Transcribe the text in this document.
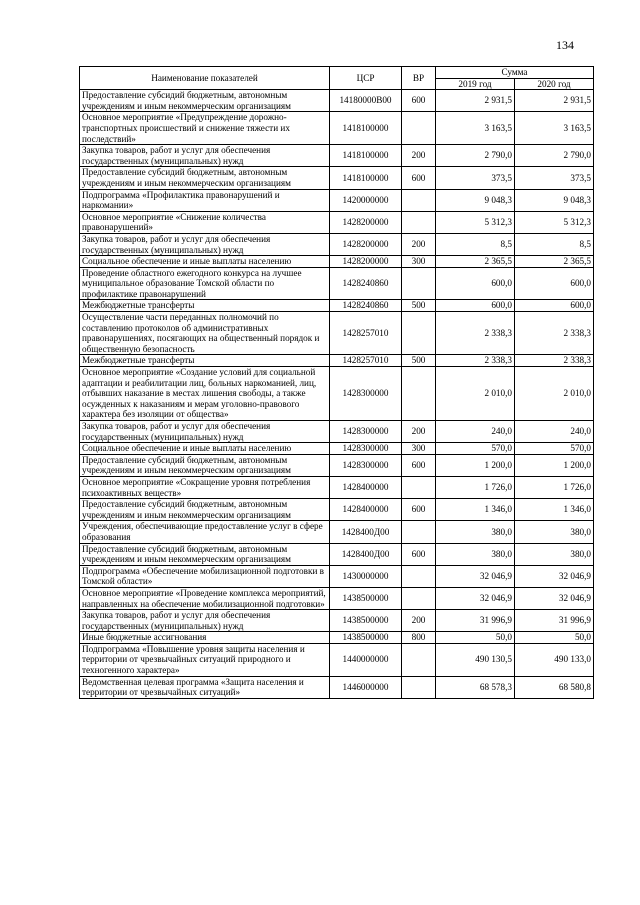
134
Наименование показателей	ЦСР	ВР	Сумма	
			2019 год	2020 год
Предоставление субсидий бюджетным, автономным учреждениям и иным некоммерческим организациям	14180000В00	600	2 931,5	2 931,5
Основное мероприятие «Предупреждение дорожно-транспортных происшествий и снижение тяжести их последствий»	1418100000		3 163,5	3 163,5
Закупка товаров, работ и услуг для обеспечения государственных (муниципальных) нужд	1418100000	200	2 790,0	2 790,0
Предоставление субсидий бюджетным, автономным учреждениям и иным некоммерческим организациям	1418100000	600	373,5	373,5
Подпрограмма «Профилактика правонарушений и наркомании»	1420000000		9 048,3	9 048,3
Основное мероприятие «Снижение количества правонарушений»	1428200000		5 312,3	5 312,3
Закупка товаров, работ и услуг для обеспечения государственных (муниципальных) нужд	1428200000	200	8,5	8,5
Социальное обеспечение и иные выплаты населению	1428200000	300	2 365,5	2 365,5
Проведение областного ежегодного конкурса на лучшее муниципальное образование Томской области по профилактике правонарушений	1428240860		600,0	600,0
Межбюджетные трансферты	1428240860	500	600,0	600,0
Осуществление части переданных полномочий по составлению протоколов об административных правонарушениях, посягающих на общественный порядок и общественную безопасность	1428257010		2 338,3	2 338,3
Межбюджетные трансферты	1428257010	500	2 338,3	2 338,3
Основное мероприятие «Создание условий для социальной адаптации и реабилитации лиц, больных наркоманией, лиц, отбывших наказание в местах лишения свободы, а также осужденных к наказаниям и мерам уголовно-правового характера без изоляции от общества»	1428300000		2 010,0	2 010,0
Закупка товаров, работ и услуг для обеспечения государственных (муниципальных) нужд	1428300000	200	240,0	240,0
Социальное обеспечение и иные выплаты населению	1428300000	300	570,0	570,0
Предоставление субсидий бюджетным, автономным учреждениям и иным некоммерческим организациям	1428300000	600	1 200,0	1 200,0
Основное мероприятие «Сокращение уровня потребления психоактивных веществ»	1428400000		1 726,0	1 726,0
Предоставление субсидий бюджетным, автономным учреждениям и иным некоммерческим организациям	1428400000	600	1 346,0	1 346,0
Учреждения, обеспечивающие предоставление услуг в сфере образования	1428400Д00		380,0	380,0
Предоставление субсидий бюджетным, автономным учреждениям и иным некоммерческим организациям	1428400Д00	600	380,0	380,0
Подпрограмма «Обеспечение мобилизационной подготовки в Томской области»	1430000000		32 046,9	32 046,9
Основное мероприятие «Проведение комплекса мероприятий, направленных на обеспечение мобилизационной подготовки»	1438500000		32 046,9	32 046,9
Закупка товаров, работ и услуг для обеспечения государственных (муниципальных) нужд	1438500000	200	31 996,9	31 996,9
Иные бюджетные ассигнования	1438500000	800	50,0	50,0
Подпрограмма «Повышение уровня защиты населения и территории от чрезвычайных ситуаций природного и техногенного характера»	1440000000		490 130,5	490 133,0
Ведомственная целевая программа «Защита населения и территории от чрезвычайных ситуаций»	1446000000		68 578,3	68 580,8
